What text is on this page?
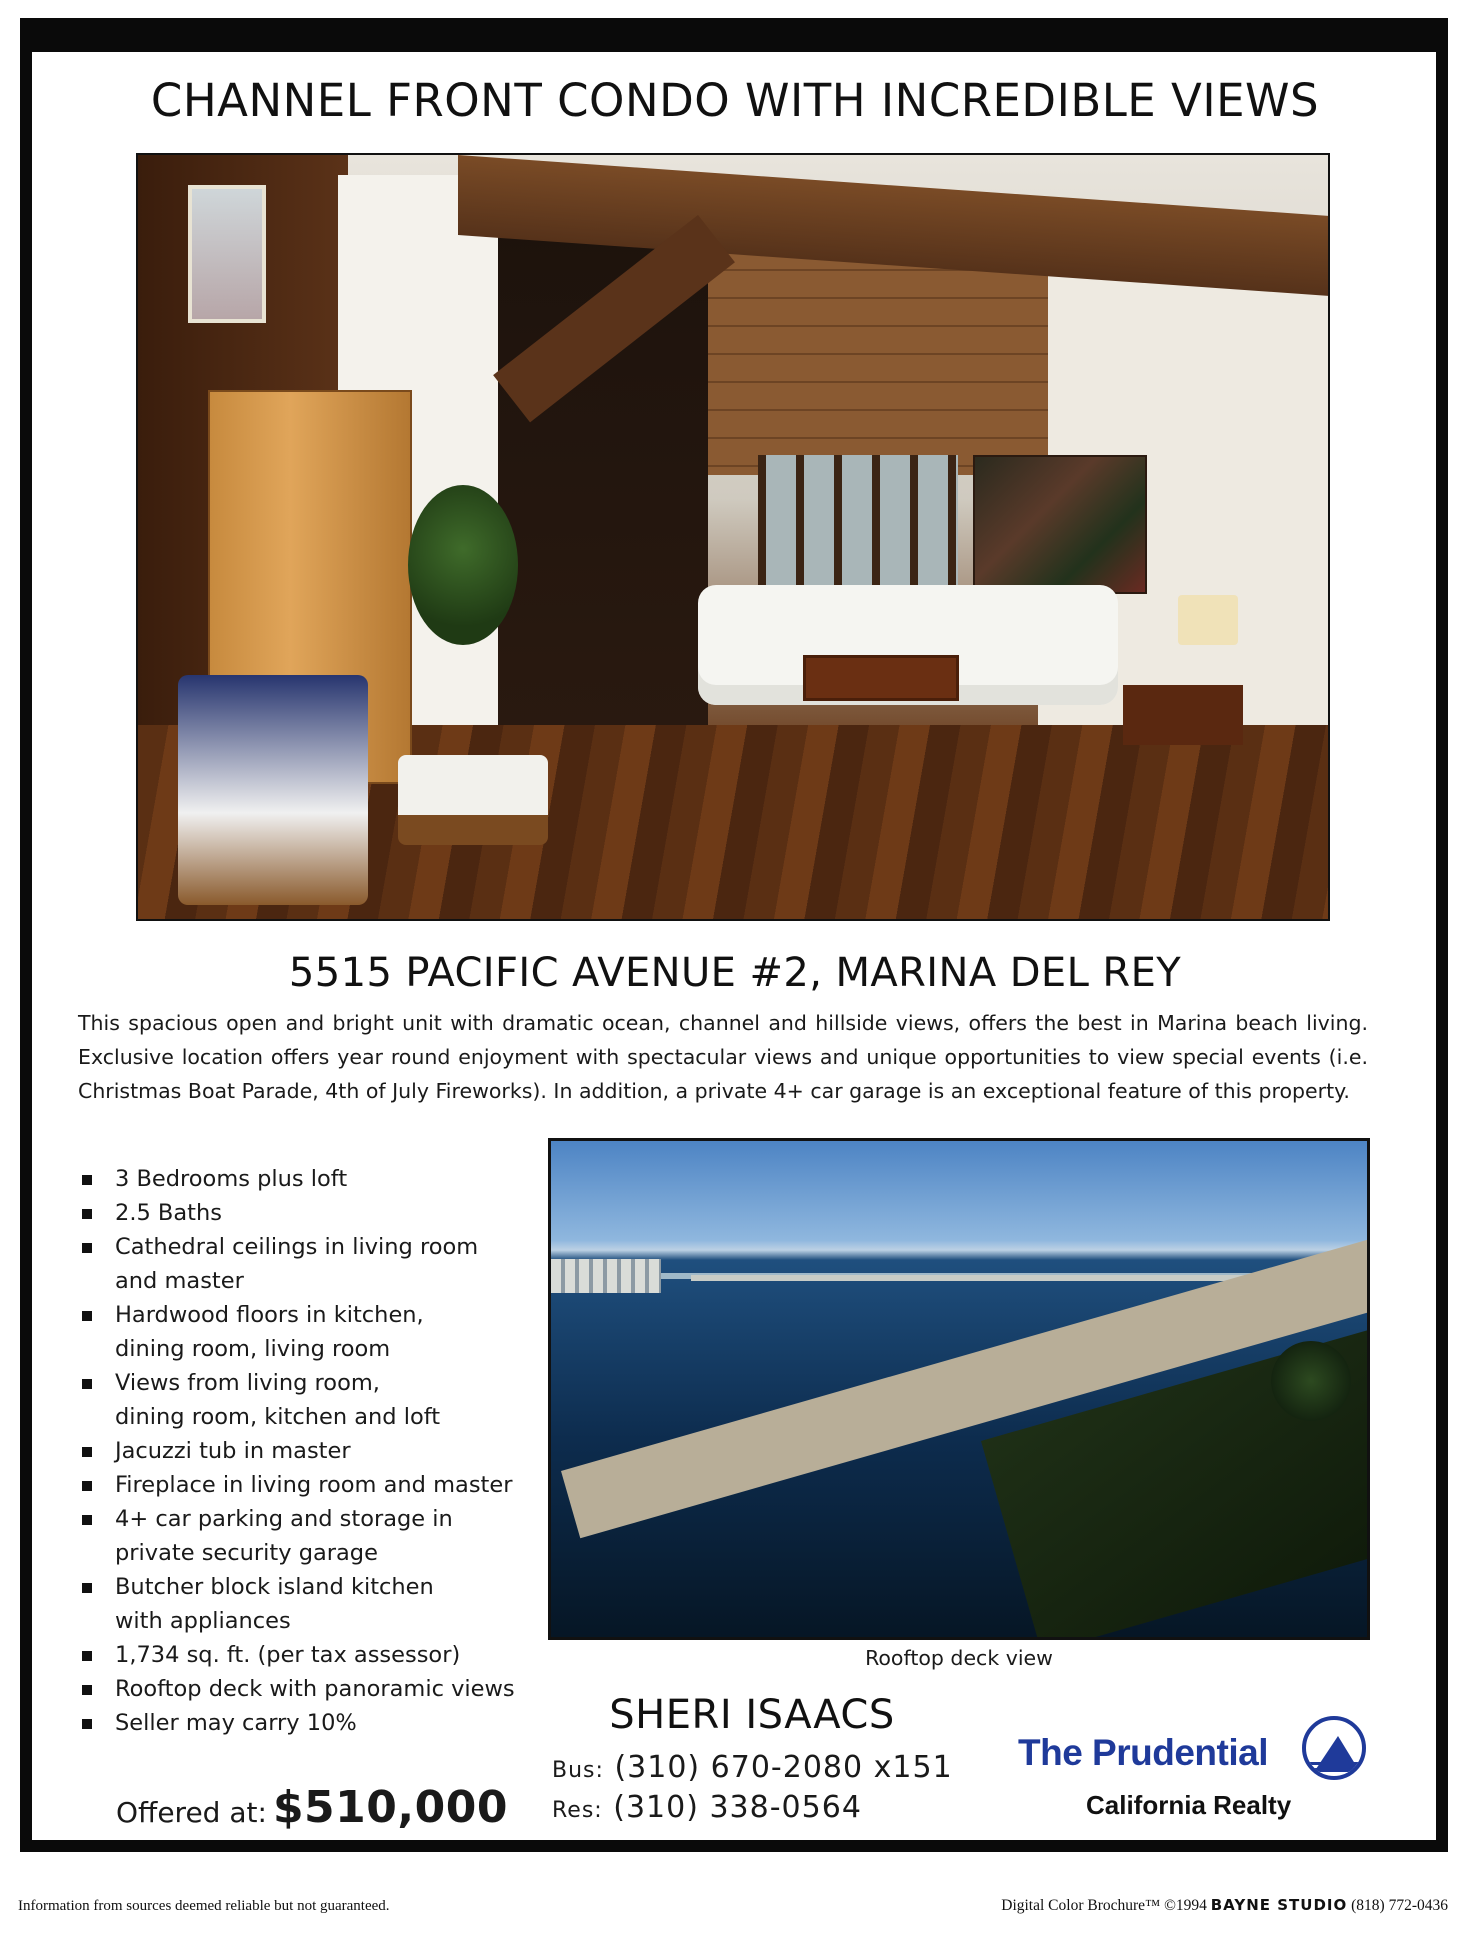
CHANNEL FRONT CONDO WITH INCREDIBLE VIEWS
5515 PACIFIC AVENUE #2, MARINA DEL REY
This spacious open and bright unit with dramatic ocean, channel and hillside views, offers the best in Marina beach living. Exclusive location offers year round enjoyment with spectacular views and unique opportunities to view special events (i.e. Christmas Boat Parade, 4th of July Fireworks). In addition, a private 4+ car garage is an exceptional feature of this property.
3 Bedrooms plus loft
2.5 Baths
Cathedral ceilings in living room
and master
Hardwood floors in kitchen,
dining room, living room
Views from living room,
dining room, kitchen and loft
Jacuzzi tub in master
Fireplace in living room and master
4+ car parking and storage in
private security garage
Butcher block island kitchen
with appliances
1,734 sq. ft. (per tax assessor)
Rooftop deck with panoramic views
Seller may carry 10%
Rooftop deck view
SHERI ISAACS
Bus: (310) 670-2080 x151
Res: (310) 338-0564
Offered at: $510,000
The Prudential
California Realty
Information from sources deemed reliable but not guaranteed.	Digital Color Brochure™ ©1994 BAYNE STUDIO (818) 772-0436
